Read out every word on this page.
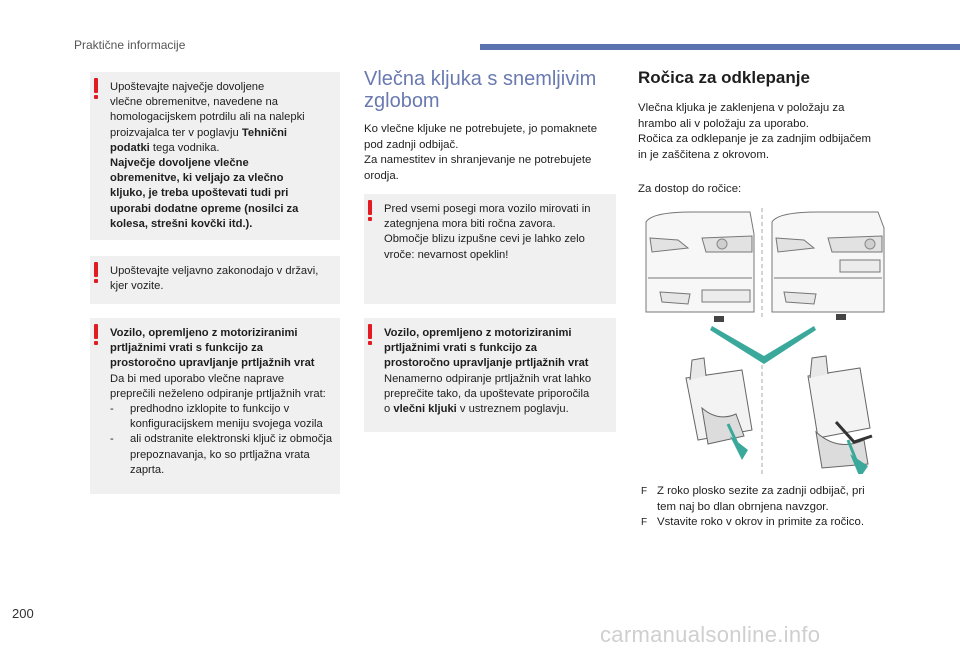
Praktične informacije

Upoštevajte največje dovoljene

vlečne obremenitve, navedene na

homologacijskem potrdilu ali na nalepki

proizvajalca ter v poglavju Tehnični

podatki tega vodnika.

Največje dovoljene vlečne

obremenitve, ki veljajo za vlečno

kljuko, je treba upoštevati tudi pri

uporabi dodatne opreme (nosilci za

kolesa, strešni kovčki itd.).

Upoštevajte veljavno zakonodajo v državi,

kjer vozite.

Vozilo, opremljeno z motoriziranimi

prtljažnimi vrati s funkcijo za

prostoročno upravljanje prtljažnih vrat

Da bi med uporabo vlečne naprave

preprečili neželeno odpiranje prtljažnih vrat:

- predhodno izklopite to funkcijo v
konfiguracijskem meniju svojega vozila
- ali odstranite elektronski ključ iz območja
prepoznavanja, ko so prtljažna vrata
zaprta.
Vlečna kljuka s snemljivim
zglobom
Ko vlečne kljuke ne potrebujete, jo pomaknete
pod zadnji odbijač.
Za namestitev in shranjevanje ne potrebujete
orodja.

Pred vsemi posegi mora vozilo mirovati in

zategnjena mora biti ročna zavora.

Območje blizu izpušne cevi je lahko zelo

vroče: nevarnost opeklin!

Vozilo, opremljeno z motoriziranimi

prtljažnimi vrati s funkcijo za

prostoročno upravljanje prtljažnih vrat

Nenamerno odpiranje prtljažnih vrat lahko

preprečite tako, da upoštevate priporočila

o vlečni kljuki v ustreznem poglavju.

Ročica za odklepanje
Vlečna kljuka je zaklenjena v položaju za
hrambo ali v položaju za uporabo.
Ročica za odklepanje je za zadnjim odbijačem
in je zaščitena z okrovom.
Za dostop do ročice:
F Z roko plosko sezite za zadnji odbijač, pri
tem naj bo dlan obrnjena navzgor.
F Vstavite roko v okrov in primite za ročico.
200
carmanualsonline.info
